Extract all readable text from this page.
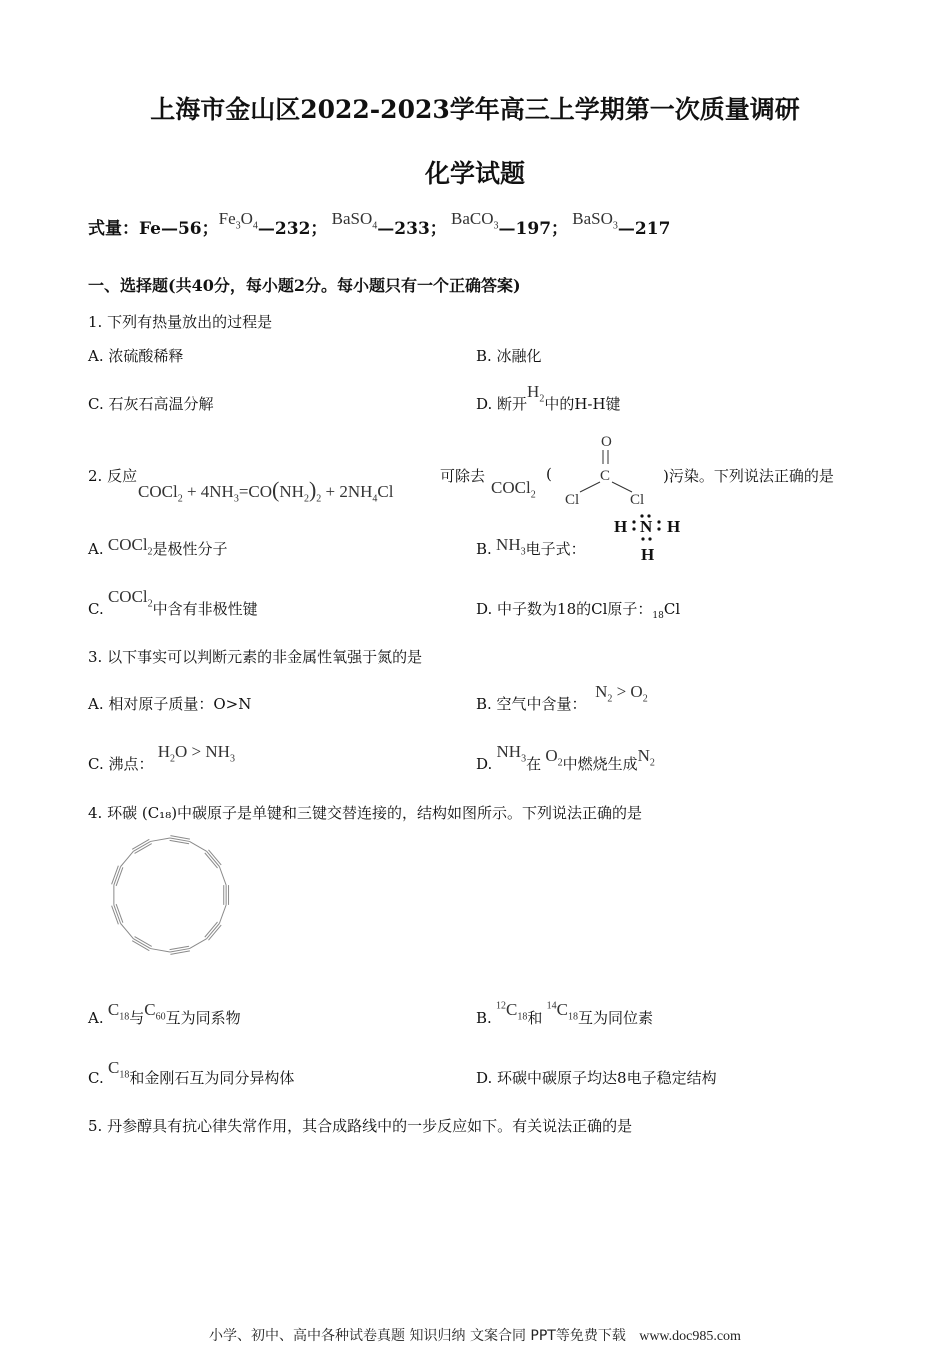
上海市金山区2022-2023学年高三上学期第一次质量调研
化学试题
式量：Fe—56；$Fe_3O_4—232$； BaSO$_4$—233； BaCO$_3$—197； BaSO$_3$—217
一、选择题(共40分，每小题2分。每小题只有一个正确答案)
1. 下列有热量放出的过程是
A. 浓硫酸稀释	B. 冰融化
C. 石灰石高温分解	D. 断开$H_2$中的H-H键
2. 反应
COCl$_2$ + $4NH_3=CO(NH_2)_2 + 2NH_4Cl$
可除去
COCl$_2$
(
O
C
Cl	Cl
)污染。下列说法正确的是
A. COCl$_2$是极性分子	B. $NH_3$电子式：
H N H
H
C. COCl$_2$中含有非极性键	D. 中子数为18的Cl原子：$_{18}$Cl
3. 以下事实可以判断元素的非金属性氧强于氮的是
A. 相对原子质量：O>N	B. 空气中含量：  $N_2 > O_2$
C. 沸点： $H_2O > NH_3$	D. $NH_3$在 $O_2$中燃烧生成$N_2$
4. 环碳 (C₁₈)中碳原子是单键和三键交替连接的，结构如图所示。下列说法正确的是
A. $C_{18}$与$C_{60}$互为同系物	B. $^{12}C_{18}$和 $^{14}C_{18}$互为同位素
C. $C_{18}$和金刚石互为同分异构体	D. 环碳中碳原子均达8电子稳定结构
5. 丹参醇具有抗心律失常作用，其合成路线中的一步反应如下。有关说法正确的是
小学、初中、高中各种试卷真题 知识归纳 文案合同 PPT等免费下载 www.doc985.com
